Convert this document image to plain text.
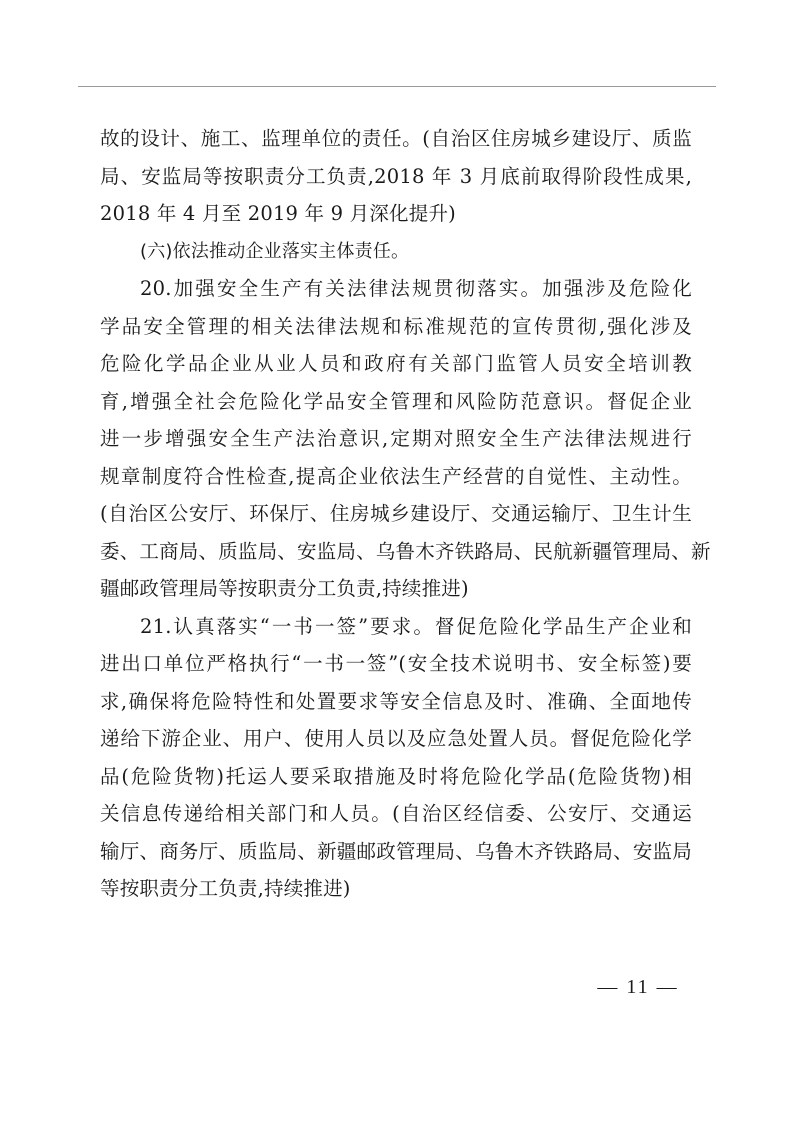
故的设计、施工、监理单位的责任。(自治区住房城乡建设厅、质监
局、安监局等按职责分工负责,2018 年 3 月底前取得阶段性成果,
2018 年 4 月至 2019 年 9 月深化提升)
(六)依法推动企业落实主体责任。
20.加强安全生产有关法律法规贯彻落实。加强涉及危险化
学品安全管理的相关法律法规和标准规范的宣传贯彻,强化涉及
危险化学品企业从业人员和政府有关部门监管人员安全培训教
育,增强全社会危险化学品安全管理和风险防范意识。督促企业
进一步增强安全生产法治意识,定期对照安全生产法律法规进行
规章制度符合性检查,提高企业依法生产经营的自觉性、主动性。
(自治区公安厅、环保厅、住房城乡建设厅、交通运输厅、卫生计生
委、工商局、质监局、安监局、乌鲁木齐铁路局、民航新疆管理局、新
疆邮政管理局等按职责分工负责,持续推进)
21.认真落实“一书一签”要求。督促危险化学品生产企业和
进出口单位严格执行“一书一签”(安全技术说明书、安全标签)要
求,确保将危险特性和处置要求等安全信息及时、准确、全面地传
递给下游企业、用户、使用人员以及应急处置人员。督促危险化学
品(危险货物)托运人要采取措施及时将危险化学品(危险货物)相
关信息传递给相关部门和人员。(自治区经信委、公安厅、交通运
输厅、商务厅、质监局、新疆邮政管理局、乌鲁木齐铁路局、安监局
等按职责分工负责,持续推进)
— 11 —
